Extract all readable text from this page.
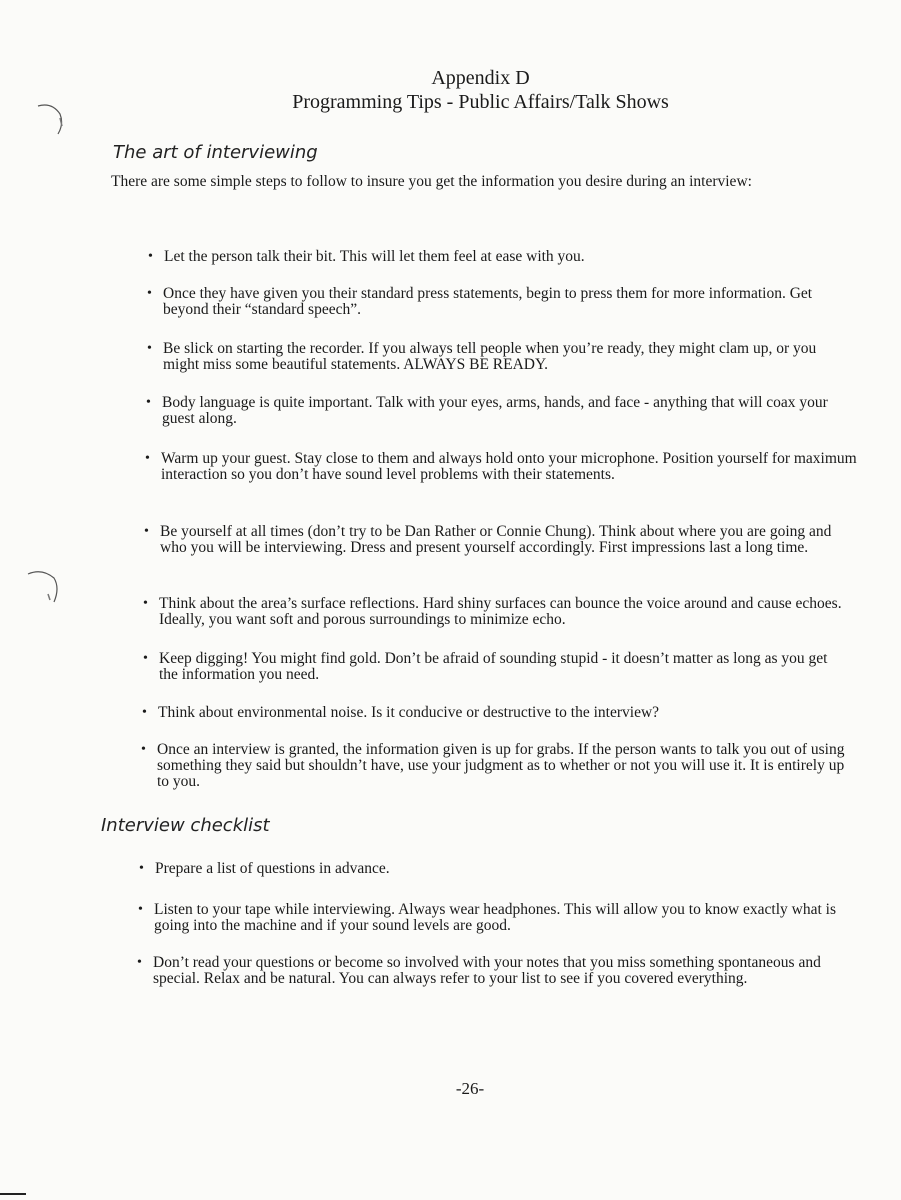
Appendix D
Programming Tips - Public Affairs/Talk Shows
The art of interviewing
There are some simple steps to follow to insure you get the information you desire during an interview:
• Let the person talk their bit. This will let them feel at ease with you.
• Once they have given you their standard press statements, begin to press them for more information. Get beyond their “standard speech”.
• Be slick on starting the recorder. If you always tell people when you’re ready, they might clam up, or you might miss some beautiful statements. ALWAYS BE READY.
• Body language is quite important. Talk with your eyes, arms, hands, and face - anything that will coax your guest along.
• Warm up your guest. Stay close to them and always hold onto your microphone. Position yourself for maximum interaction so you don’t have sound level problems with their statements.
• Be yourself at all times (don’t try to be Dan Rather or Connie Chung). Think about where you are going and who you will be interviewing. Dress and present yourself accordingly. First impressions last a long time.
• Think about the area’s surface reflections. Hard shiny surfaces can bounce the voice around and cause echoes. Ideally, you want soft and porous surroundings to minimize echo.
• Keep digging! You might find gold. Don’t be afraid of sounding stupid - it doesn’t matter as long as you get the information you need.
• Think about environmental noise. Is it conducive or destructive to the interview?
• Once an interview is granted, the information given is up for grabs. If the person wants to talk you out of using something they said but shouldn’t have, use your judgment as to whether or not you will use it. It is entirely up to you.
Interview checklist
• Prepare a list of questions in advance.
• Listen to your tape while interviewing. Always wear headphones. This will allow you to know exactly what is going into the machine and if your sound levels are good.
• Don’t read your questions or become so involved with your notes that you miss something spontaneous and special. Relax and be natural. You can always refer to your list to see if you covered everything.
-26-
